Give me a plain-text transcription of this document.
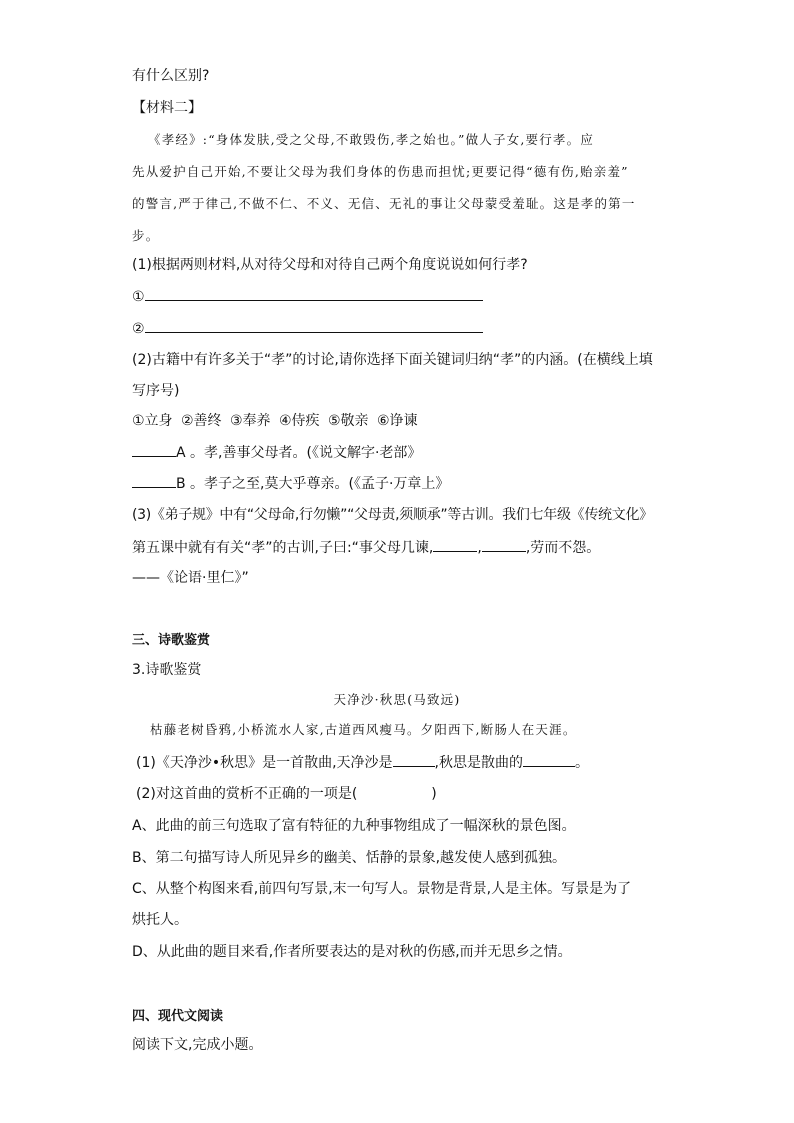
有什么区别?
【材料二】
《孝经》:“身体发肤,受之父母,不敢毁伤,孝之始也。”做人子女,要行孝。应
先从爱护自己开始,不要让父母为我们身体的伤患而担忧;更要记得“德有伤,贻亲羞”
的警言,严于律己,不做不仁、不义、无信、无礼的事让父母蒙受羞耻。这是孝的第一
步。
(1)根据两则材料,从对待父母和对待自己两个角度说说如何行孝?
①
②
(2)古籍中有许多关于“孝”的讨论,请你选择下面关键词归纳“孝”的内涵。(在横线上填
写序号)
①立身 ②善终 ③奉养 ④侍疾 ⑤敬亲 ⑥诤谏
A 。孝,善事父母者。(《说文解字·老部》
B 。孝子之至,莫大乎尊亲。(《孟子·万章上》
(3)《弟子规》中有“父母命,行勿懒”“父母责,须顺承”等古训。我们七年级《传统文化》
第五课中就有有关“孝”的古训,子曰:“事父母几谏,	,	,劳而不怨。
——《论语·里仁》”
三、诗歌鉴赏
3.诗歌鉴赏
天净沙·秋思(马致远)
枯藤老树昏鸦,小桥流水人家,古道西风瘦马。夕阳西下,断肠人在天涯。
(1)《天净沙•秋思》是一首散曲,天净沙是	,秋思是散曲的	。
(2)对这首曲的赏析不正确的一项是(	)
A、此曲的前三句选取了富有特征的九种事物组成了一幅深秋的景色图。
B、第二句描写诗人所见异乡的幽美、恬静的景象,越发使人感到孤独。
C、从整个构图来看,前四句写景,末一句写人。景物是背景,人是主体。写景是为了
烘托人。
D、从此曲的题目来看,作者所要表达的是对秋的伤感,而并无思乡之情。
四、现代文阅读
阅读下文,完成小题。
